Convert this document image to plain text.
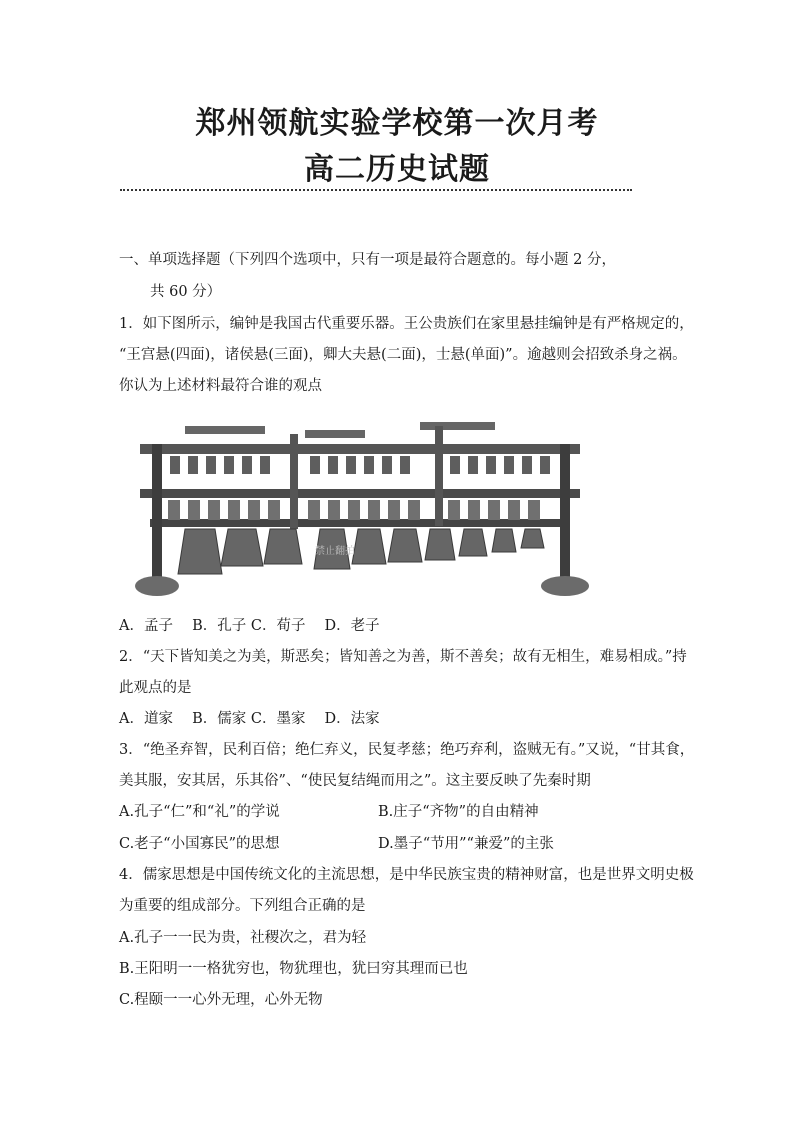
郑州领航实验学校第一次月考
高二历史试题
一、单项选择题（下列四个选项中，只有一项是最符合题意的。每小题 2 分，
共 60 分）
1．如下图所示，编钟是我国古代重要乐器。王公贵族们在家里悬挂编钟是有严格规定的，
“王宫悬(四面)，诸侯悬(三面)，卿大夫悬(二面)，士悬(单面)”。逾越则会招致杀身之祸。
你认为上述材料最符合谁的观点
禁止翻拍
A．孟子　 B．孔子 C．荀子　 D．老子
2．“天下皆知美之为美，斯恶矣；皆知善之为善，斯不善矣；故有无相生，难易相成。”持
此观点的是
A．道家　 B．儒家 C．墨家　 D．法家
3．“绝圣弃智，民利百倍；绝仁弃义，民复孝慈；绝巧弃利，盗贼无有。”又说，“甘其食，
美其服，安其居，乐其俗”、“使民复结绳而用之”。这主要反映了先秦时期
A.孔子“仁”和“礼”的学说	B.庄子“齐物”的自由精神
C.老子“小国寡民”的思想	D.墨子“节用”“兼爱”的主张
4．儒家思想是中国传统文化的主流思想，是中华民族宝贵的精神财富，也是世界文明史极
为重要的组成部分。下列组合正确的是
A.孔子一一民为贵，社稷次之，君为轻
B.王阳明一一格犹穷也，物犹理也，犹曰穷其理而已也
C.程颐一一心外无理，心外无物
